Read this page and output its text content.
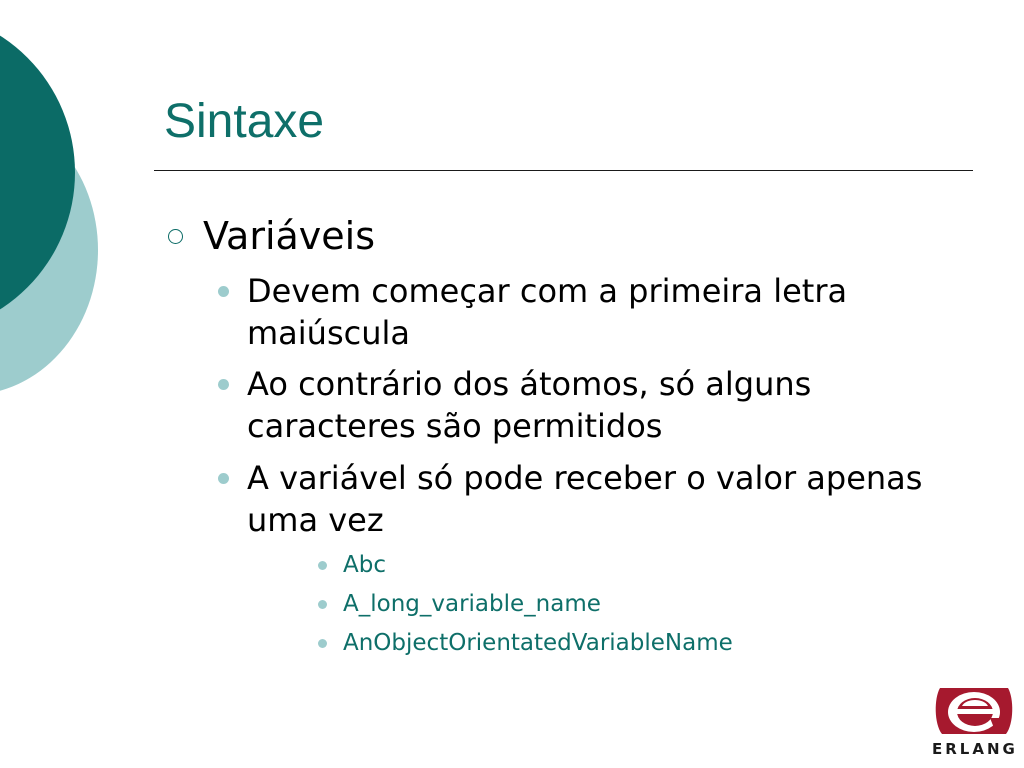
Sintaxe
Variáveis
Devem começar com a primeira letra maiúscula
Ao contrário dos átomos, só alguns caracteres são permitidos
A variável só pode receber o valor apenas uma vez
Abc
A_long_variable_name
AnObjectOrientatedVariableName
ERLANG
